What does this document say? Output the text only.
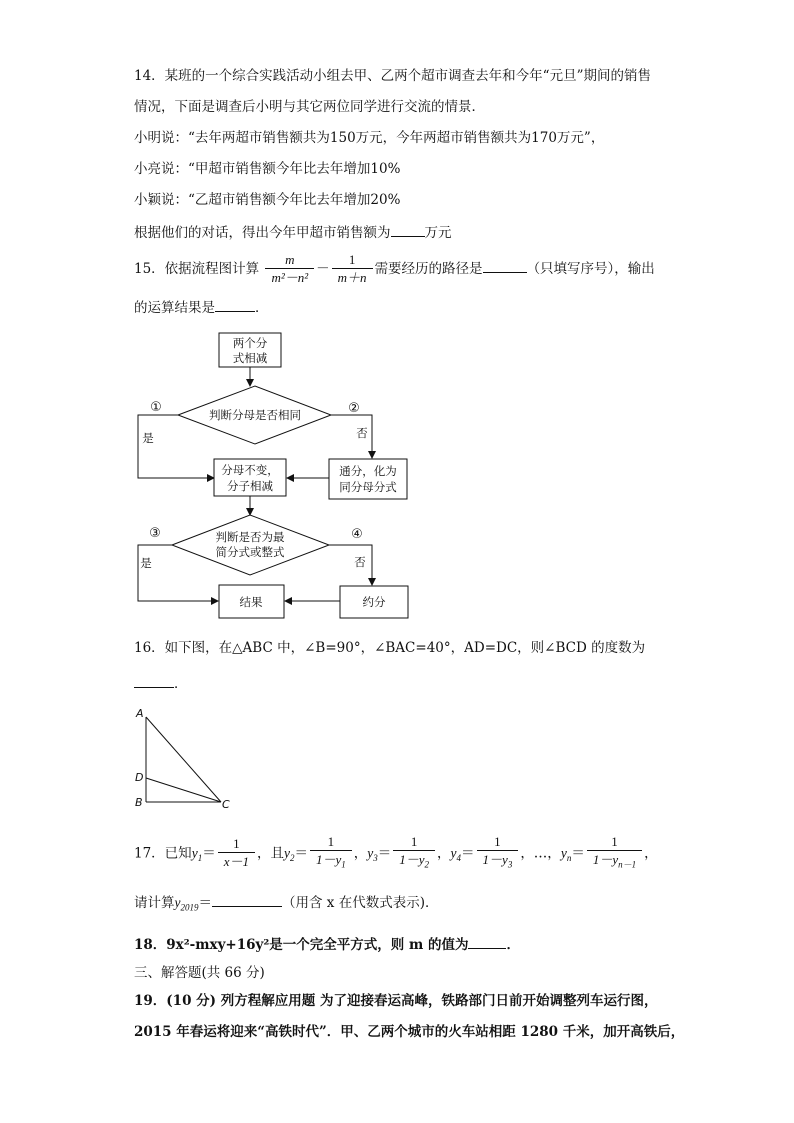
14．某班的一个综合实践活动小组去甲、乙两个超市调查去年和今年“元旦”期间的销售
情况，下面是调查后小明与其它两位同学进行交流的情景．
小明说：“去年两超市销售额共为150万元，今年两超市销售额共为170万元”，
小亮说：“甲超市销售额今年比去年增加10%
小颖说：“乙超市销售额今年比去年增加20%
根据他们的对话，得出今年甲超市销售额为	万元
15．依据流程图计算 $\frac{m}{\text{m²－n²}} - \frac{1}{m+n}$ 需要经历的路径是	（只填写序号），输出
的运算结果是	．
两个分
式相减
判断分母是否相同
分母不变，
分子相减
通分，化为
同分母分式
判断是否为最
简分式或整式
结果	约分
是	否
是	否
①	②
③	④
A
D
B	C
16．如下图，在△ABC 中，∠B=90°，∠BAC=40°，AD=DC，则∠BCD 的度数为
．
17．已知$y_1= \frac{1}{x-1}$ ，且$y_2= \frac{1}{1-y_1}$ ，$y_3= \frac{1}{1-y_2}$ ，$y_4= \frac{1}{1-y_3}$ ，…，$y_n= \frac{1}{1-y_{n-1}}$ ，
请计算$y_{2019}=$	（用含 x 在代数式表示)．
18．9x²-mxy+16y²是一个完全平方式，则 m 的值为	．
三、解答题(共 66 分)
19．(10 分) 列方程解应用题 为了迎接春运高峰，铁路部门日前开始调整列车运行图，
2015 年春运将迎来“高铁时代”．甲、乙两个城市的火车站相距 1280 千米，加开高铁后，
